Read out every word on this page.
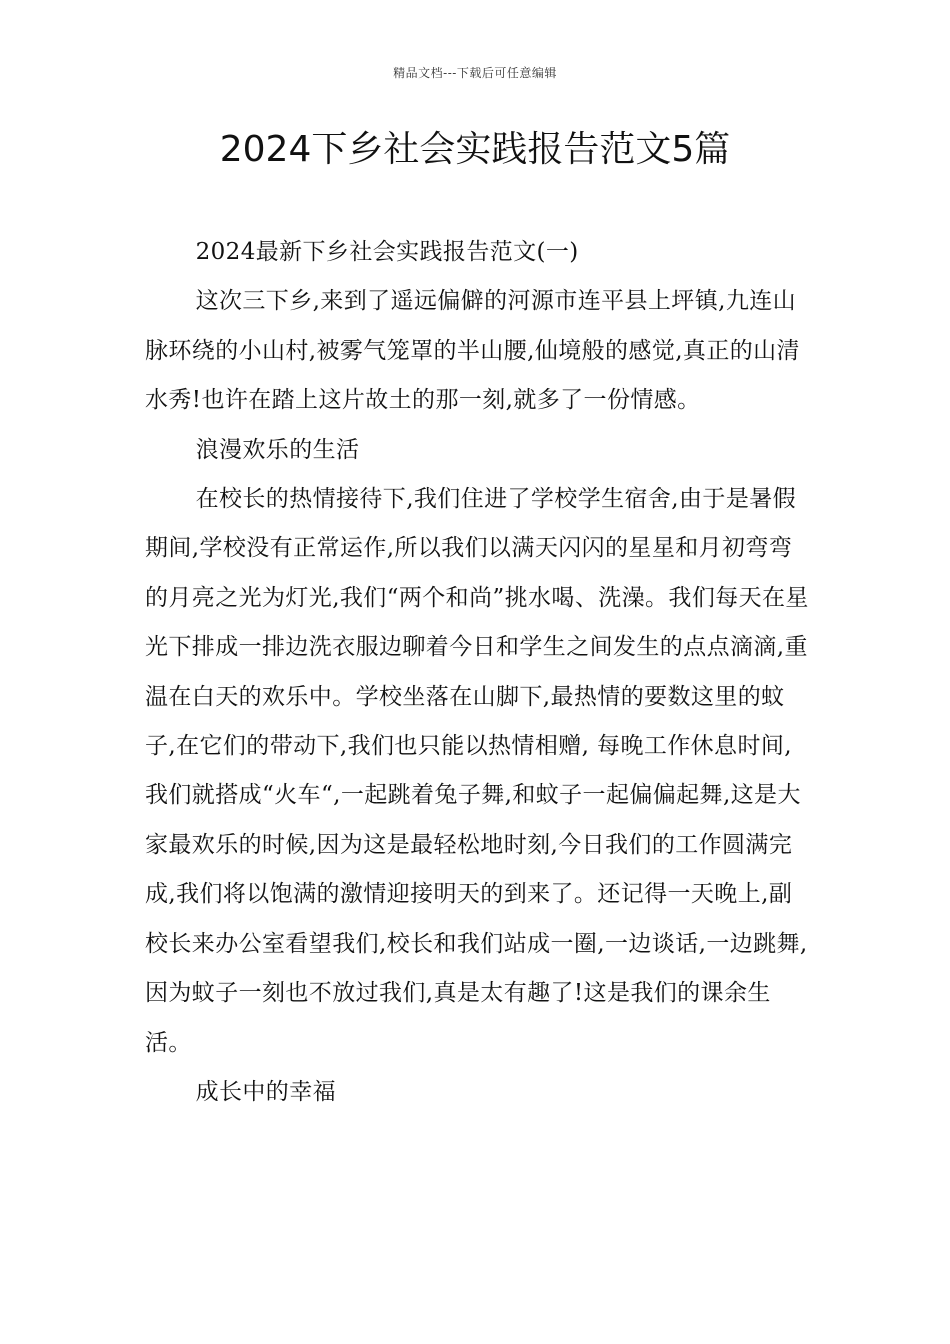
精品文档---下载后可任意编辑
2024下乡社会实践报告范文5篇

2024最新下乡社会实践报告范文(一)

这次三下乡,来到了遥远偏僻的河源市连平县上坪镇,九连山脉环绕的小山村,被雾气笼罩的半山腰,仙境般的感觉,真正的山清水秀!也许在踏上这片故土的那一刻,就多了一份情感。

浪漫欢乐的生活

在校长的热情接待下,我们住进了学校学生宿舍,由于是暑假期间,学校没有正常运作,所以我们以满天闪闪的星星和月初弯弯的月亮之光为灯光,我们“两个和尚”挑水喝、洗澡。我们每天在星光下排成一排边洗衣服边聊着今日和学生之间发生的点点滴滴,重温在白天的欢乐中。学校坐落在山脚下,最热情的要数这里的蚊子,在它们的带动下,我们也只能以热情相赠, 每晚工作休息时间,我们就搭成“火车“,一起跳着兔子舞,和蚊子一起偏偏起舞,这是大家最欢乐的时候,因为这是最轻松地时刻,今日我们的工作圆满完成,我们将以饱满的激情迎接明天的到来了。还记得一天晚上,副校长来办公室看望我们,校长和我们站成一圈,一边谈话,一边跳舞,因为蚊子一刻也不放过我们,真是太有趣了!这是我们的课余生活。

成长中的幸福
